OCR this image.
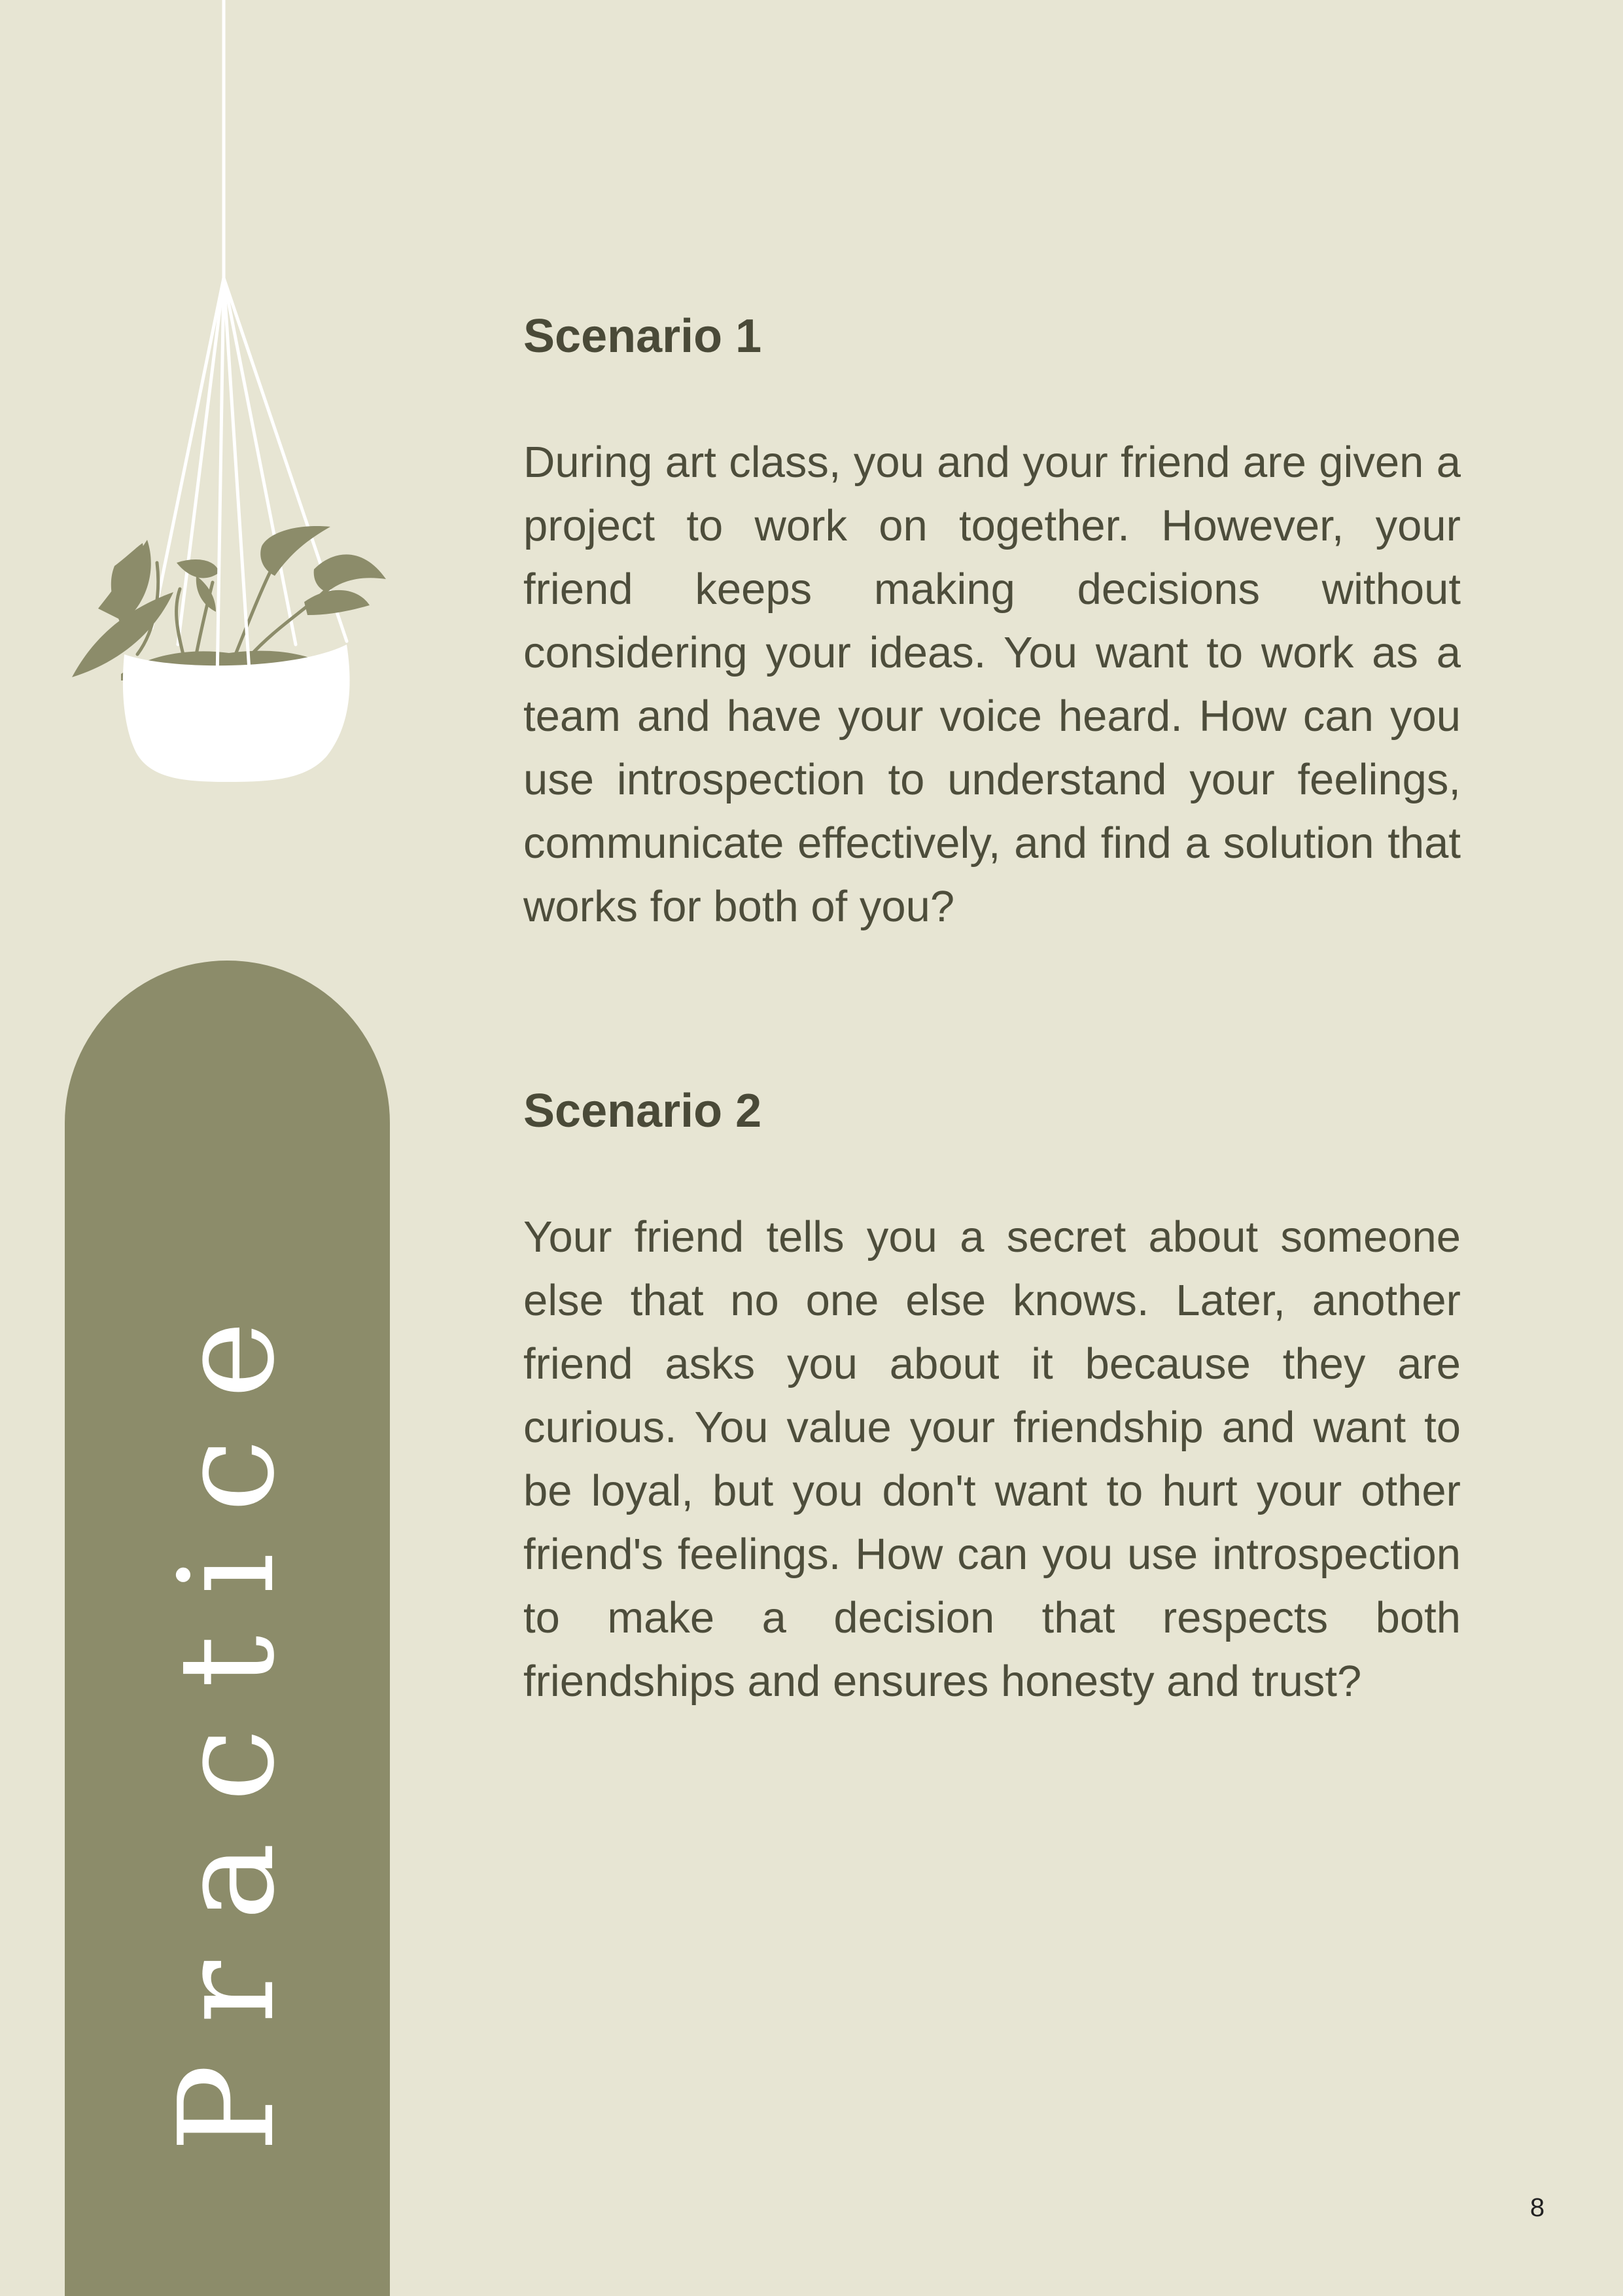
Practice
Scenario 1

During art class, you and your friend are given a project to work on together. However, your friend keeps making decisions without considering your ideas. You want to work as a team and have your voice heard. How can you use introspection to understand your feelings, communicate effectively, and find a solution that works for both of you?

Scenario 2

Your friend tells you a secret about someone else that no one else knows. Later, another friend asks you about it because they are curious. You value your friendship and want to be loyal, but you don't want to hurt your other friend's feelings. How can you use introspection to make a decision that respects both friendships and ensures honesty and trust?

8
